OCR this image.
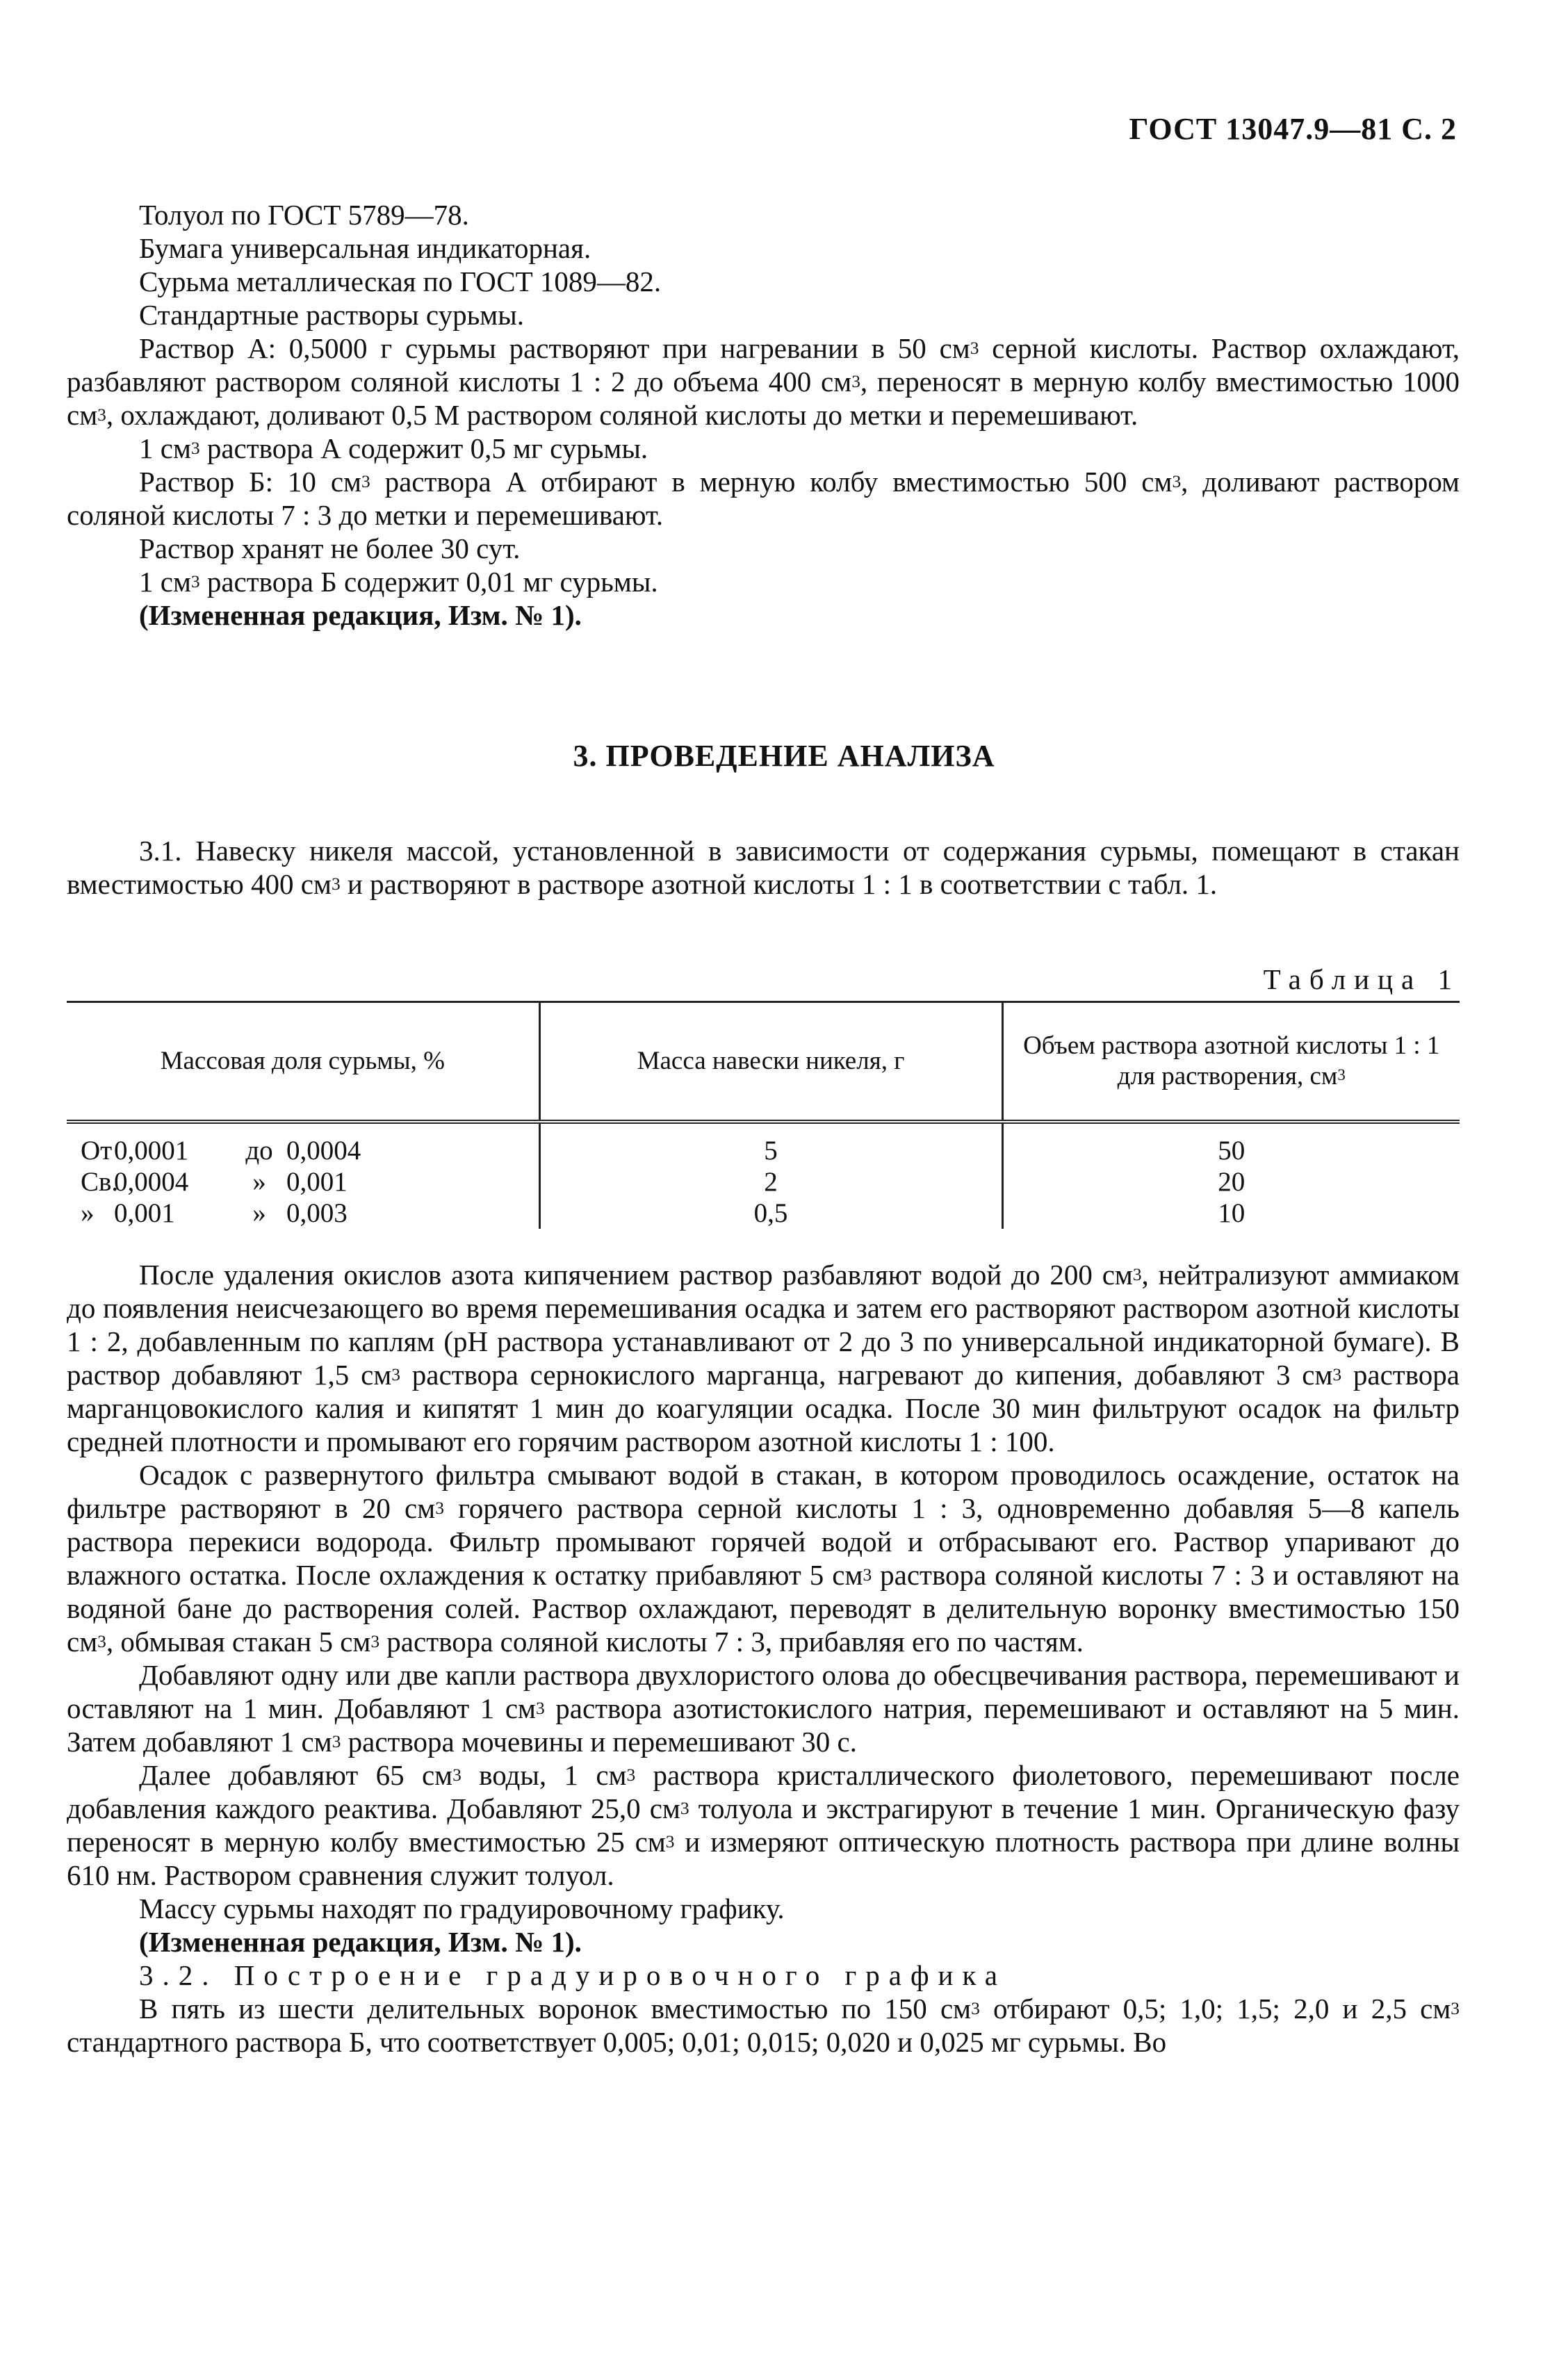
ГОСТ 13047.9—81 С. 2

Толуол по ГОСТ 5789—78.

Бумага универсальная индикаторная.

Сурьма металлическая по ГОСТ 1089—82.

Стандартные растворы сурьмы.

Раствор А: 0,5000 г сурьмы растворяют при нагревании в 50 $см^3$ серной кислоты. Раствор охлаждают, разбавляют раствором соляной кислоты 1 : 2 до объема 400 $см^3$, переносят в мерную колбу вместимостью 1000 $см^3$, охлаждают, доливают 0,5 М раствором соляной кислоты до метки и перемешивают.

1 $см^3$ раствора А содержит 0,5 мг сурьмы.

Раствор Б: 10 $см^3$ раствора А отбирают в мерную колбу вместимостью 500 $см^3$, доливают раствором соляной кислоты 7 : 3 до метки и перемешивают.

Раствор хранят не более 30 сут.

1 $см^3$ раствора Б содержит 0,01 мг сурьмы.

(Измененная редакция, Изм. № 1).

3. ПРОВЕДЕНИЕ АНАЛИЗА

3.1. Навеску никеля массой, установленной в зависимости от содержания сурьмы, помещают в стакан вместимостью 400 $см^3$ и растворяют в растворе азотной кислоты 1 : 1 в соответствии с табл. 1.

Таблица 1
Массовая доля сурьмы, %	Масса навески никеля, г	Объем раствора азотной кислоты 1 : 1 для растворения, $см^3$
От0,0001 до 0,0004	5	50
Св.0,0004 » 0,001	2	20
» 0,001 » 0,003	0,5	10

После удаления окислов азота кипячением раствор разбавляют водой до 200 $см^3$, нейтрализуют аммиаком до появления неисчезающего во время перемешивания осадка и затем его растворяют раствором азотной кислоты 1 : 2, добавленным по каплям (рН раствора устанавливают от 2 до 3 по универсальной индикаторной бумаге). В раствор добавляют 1,5 $см^3$ раствора сернокислого марганца, нагревают до кипения, добавляют 3 $см^3$ раствора марганцовокислого калия и кипятят 1 мин до коагуляции осадка. После 30 мин фильтруют осадок на фильтр средней плотности и промывают его горячим раствором азотной кислоты 1 : 100.

Осадок с развернутого фильтра смывают водой в стакан, в котором проводилось осаждение, остаток на фильтре растворяют в 20 $см^3$ горячего раствора серной кислоты 1 : 3, одновременно добавляя 5—8 капель раствора перекиси водорода. Фильтр промывают горячей водой и отбрасывают его. Раствор упаривают до влажного остатка. После охлаждения к остатку прибавляют 5 $см^3$ раствора соляной кислоты 7 : 3 и оставляют на водяной бане до растворения солей. Раствор охлаждают, переводят в делительную воронку вместимостью 150 $см^3$, обмывая стакан 5 $см^3$ раствора соляной кислоты 7 : 3, прибавляя его по частям.

Добавляют одну или две капли раствора двухлористого олова до обесцвечивания раствора, перемешивают и оставляют на 1 мин. Добавляют 1 $см^3$ раствора азотистокислого натрия, перемешивают и оставляют на 5 мин. Затем добавляют 1 $см^3$ раствора мочевины и перемешивают 30 с.

Далее добавляют 65 $см^3$ воды, 1 $см^3$ раствора кристаллического фиолетового, перемешивают после добавления каждого реактива. Добавляют 25,0 $см^3$ толуола и экстрагируют в течение 1 мин. Органическую фазу переносят в мерную колбу вместимостью 25 $см^3$ и измеряют оптическую плотность раствора при длине волны 610 нм. Раствором сравнения служит толуол.

Массу сурьмы находят по градуировочному графику.

(Измененная редакция, Изм. № 1).

3.2. Построение градуировочного графика

В пять из шести делительных воронок вместимостью по 150 $см^3$ отбирают 0,5; 1,0; 1,5; 2,0 и 2,5 $см^3$ стандартного раствора Б, что соответствует 0,005; 0,01; 0,015; 0,020 и 0,025 мг сурьмы. Во
